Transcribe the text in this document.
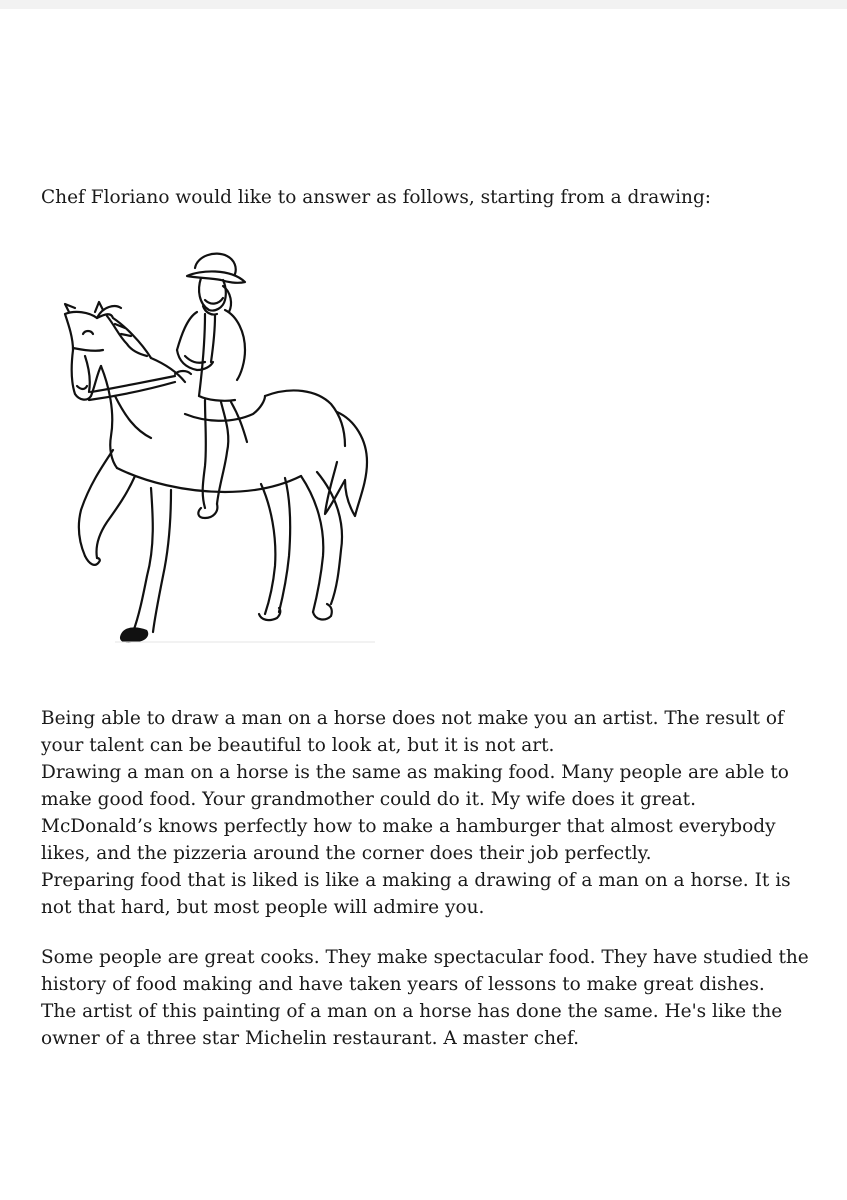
Chef Floriano would like to answer as follows, starting from a drawing:

Being able to draw a man on a horse does not make you an artist. The result of

your talent can be beautiful to look at, but it is not art.

Drawing a man on a horse is the same as making food. Many people are able to

make good food. Your grandmother could do it. My wife does it great.

McDonald’s knows perfectly how to make a hamburger that almost everybody

likes, and the pizzeria around the corner does their job perfectly.

Preparing food that is liked is like a making a drawing of a man on a horse. It is

not that hard, but most people will admire you.

Some people are great cooks. They make spectacular food. They have studied the

history of food making and have taken years of lessons to make great dishes.

The artist of this painting of a man on a horse has done the same. He's like the

owner of a three star Michelin restaurant. A master chef.
